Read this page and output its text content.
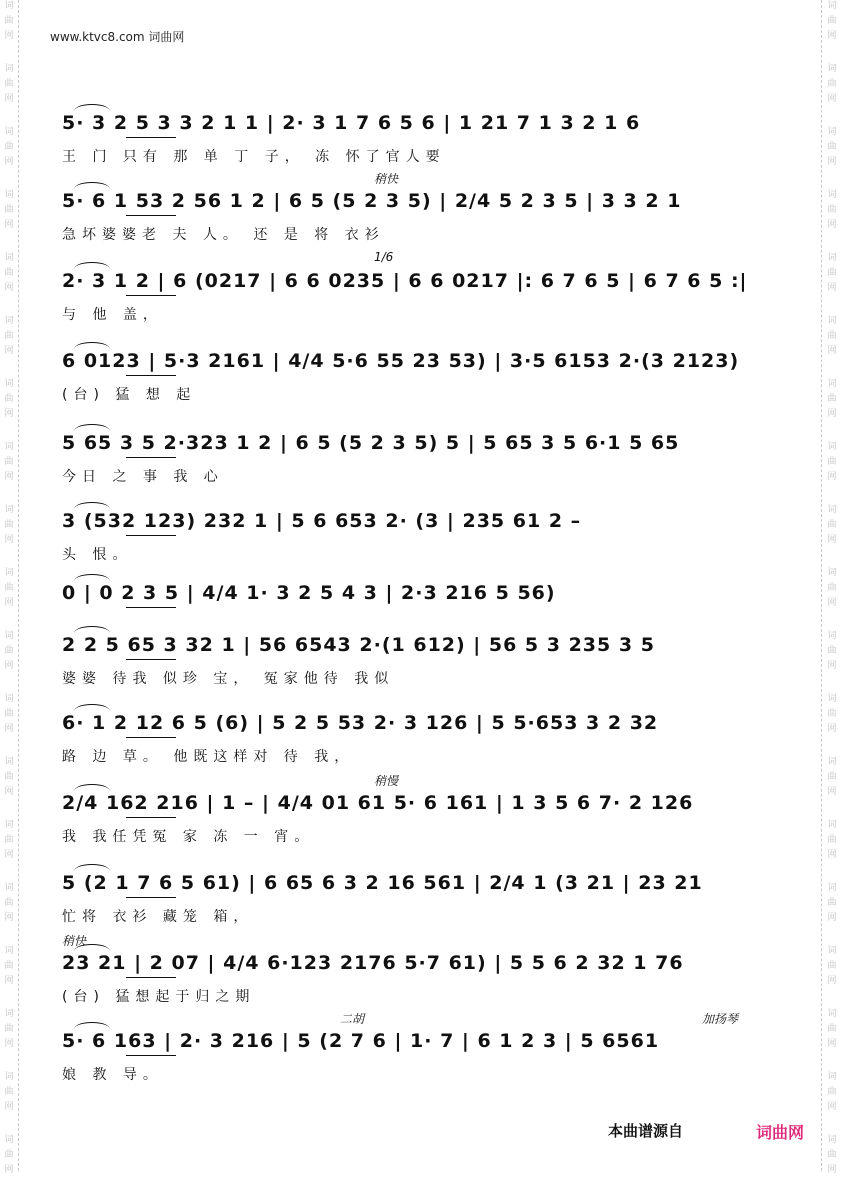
词
曲
网
词
曲
网
词
曲
网
词
曲
网
词
曲
网
词
曲
网
词
曲
网
词
曲
网
词
曲
网
词
曲
网
词
曲
网
词
曲
网
词
曲
网
词
曲
网
词
曲
网
词
曲
网
词
曲
网
词
曲
网
词
曲
网
词
曲
网
词
曲
网
词
曲
网
词
曲
网
词
曲
网
词
曲
网
词
曲
网
词
曲
网
词
曲
网
词
曲
网
词
曲
网
词
曲
网
词
曲
网
词
曲
网
词
曲
网
词
曲
网
词
曲
网
词
曲
网
词
曲
网
www.ktvc8.com 词曲网
5· 3 2 5 3 3 2 1 1 | 2· 3 1 7 6 5 6 | 1 21 7 1 3 2 1 6
王 门 只有 那 单 丁 子， 冻 怀了官人要
5· 6 1 53 2 56 1 2 | 6 5 (5 2 3 5) | 2/4 5 2 3 5 | 3 3 2 1
急坏婆婆老 夫 人。 还 是 将 衣衫
稍快
2· 3 1 2 | 6 (0217 | 6 6 0235 | 6 6 0217 |: 6 7 6 5 | 6 7 6 5 :|
与 他 盖，
1/6
6 0123 | 5·3 2161 | 4/4 5·6 55 23 53) | 3·5 6153 2·(3 2123)
(台) 猛 想 起
5 65 3 5 2·323 1 2 | 6 5 (5 2 3 5) 5 | 5 65 3 5 6·1 5 65
今日 之 事 我 心
3 (532 123) 232 1 | 5 6 653 2· (3 | 235 61 2 –
头 恨。
0 | 0 2 3 5 | 4/4 1· 3 2 5 4 3 | 2·3 216 5 56)
2 2 5 65 3 32 1 | 56 6543 2·(1 612) | 56 5 3 235 3 5
婆婆 待我 似珍 宝， 冤家他待 我似
6· 1 2 12 6 5 (6) | 5 2 5 53 2· 3 126 | 5 5·653 3 2 32
路 边 草。 他既这样对 待 我，
2/4 162 216 | 1 – | 4/4 01 61 5· 6 161 | 1 3 5 6 7· 2 126
我 我任凭冤 家 冻 一 宵。
稍慢
5 (2 1 7 6 5 61) | 6 65 6 3 2 16 561 | 2/4 1 (3 21 | 23 21
忙将 衣衫 藏笼 箱，
23 21 | 2 07 | 4/4 6·123 2176 5·7 61) | 5 5 6 2 32 1 76
(台) 猛想起于归之期
稍快
5· 6 163 | 2· 3 216 | 5 (2 7 6 | 1· 7 | 6 1 2 3 | 5 6561
娘 教 导。
二胡	加扬琴
本曲谱源自	词曲网
